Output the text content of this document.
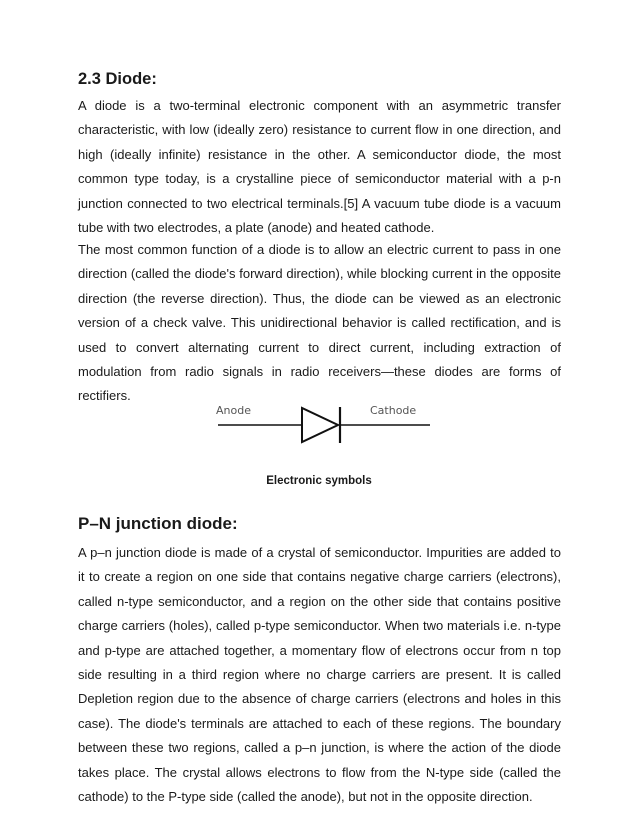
2.3 Diode:

A diode is a two-terminal electronic component with an asymmetric transfer characteristic, with low (ideally zero) resistance to current flow in one direction, and high (ideally infinite) resistance in the other. A semiconductor diode, the most common type today, is a crystalline piece of semiconductor material with a p-n junction connected to two electrical terminals.[5] A vacuum tube diode is a vacuum tube with two electrodes, a plate (anode) and heated cathode.

The most common function of a diode is to allow an electric current to pass in one direction (called the diode's forward direction), while blocking current in the opposite direction (the reverse direction). Thus, the diode can be viewed as an electronic version of a check valve. This unidirectional behavior is called rectification, and is used to convert alternating current to direct current, including extraction of modulation from radio signals in radio receivers—these diodes are forms of rectifiers.

Anode	Cathode

Electronic symbols

P–N junction diode:

A p–n junction diode is made of a crystal of semiconductor. Impurities are added to it to create a region on one side that contains negative charge carriers (electrons), called n-type semiconductor, and a region on the other side that contains positive charge carriers (holes), called p-type semiconductor. When two materials i.e. n-type and p-type are attached together, a momentary flow of electrons occur from n top side resulting in a third region where no charge carriers are present. It is called Depletion region due to the absence of charge carriers (electrons and holes in this case). The diode's terminals are attached to each of these regions. The boundary between these two regions, called a p–n junction, is where the action of the diode takes place. The crystal allows electrons to flow from the N-type side (called the cathode) to the P-type side (called the anode), but not in the opposite direction.
